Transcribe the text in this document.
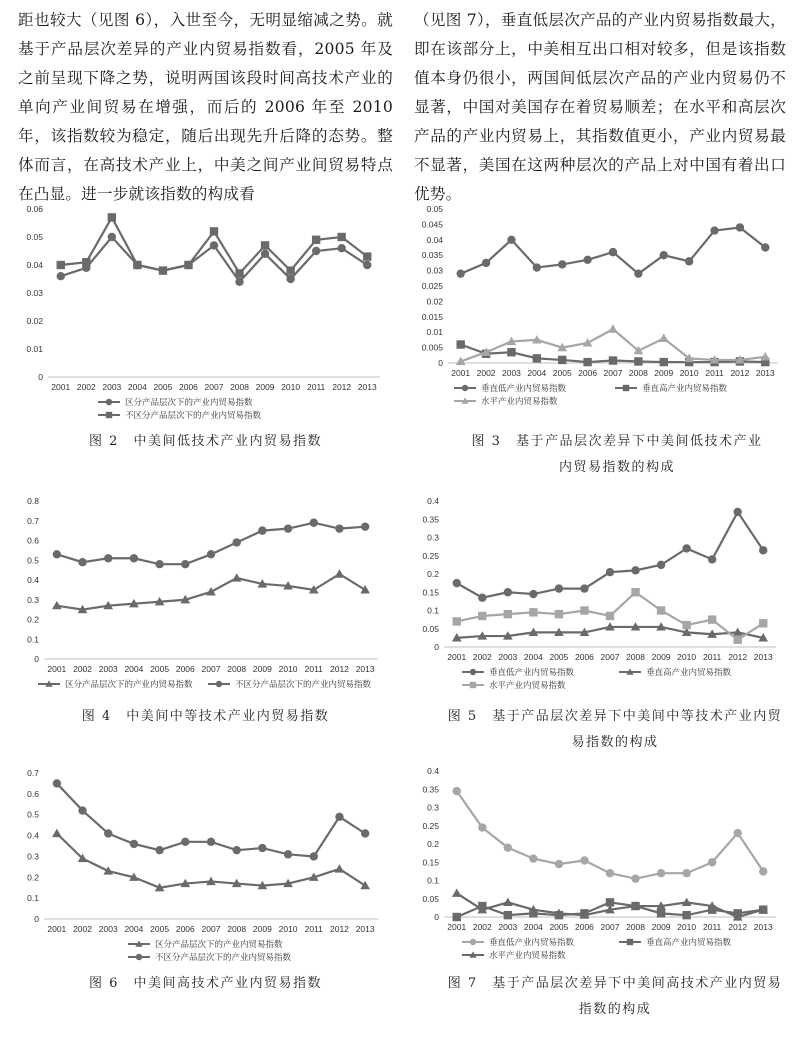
距也较大（见图 6），入世至今，无明显缩减之势。就基于产品层次差异的产业内贸易指数看，2005 年及之前呈现下降之势，说明两国该段时间高技术产业的单向产业间贸易在增强，而后的 2006 年至 2010 年，该指数较为稳定，随后出现先升后降的态势。整体而言，在高技术产业上，中美之间产业间贸易特点在凸显。进一步就该指数的构成看

（见图 7），垂直低层次产品的产业内贸易指数最大，即在该部分上，中美相互出口相对较多，但是该指数值本身仍很小，两国间低层次产品的产业内贸易仍不显著，中国对美国存在着贸易顺差；在水平和高层次产品的产业内贸易上，其指数值更小，产业内贸易最不显著，美国在这两种层次的产品上对中国有着出口优势。

0
0.01
0.02
0.03
0.04
0.05
0.06
2001 2002 2003 2004 2005 2006 2007 2008 2009 2010 2011 2012 2013
区分产品层次下的产业内贸易指数
不区分产品层次下的产业内贸易指数
图 2　中美间低技术产业内贸易指数
0
0.005
0.01
0.015
0.02
0.025
0.03
0.035
0.04
0.045
0.05
2001 2002 2003 2004 2005 2006 2007 2008 2009 2010 2011 2012 2013
垂直低产业内贸易指数	垂直高产业内贸易指数
水平产业内贸易指数
图 3　基于产品层次差异下中美间低技术产业内贸易指数的构成
0
0.1
0.2
0.3
0.4
0.5
0.6
0.7
0.8
2001 2002 2003 2004 2005 2006 2007 2008 2009 2010 2011 2012 2013
区分产品层次下的产业内贸易指数	不区分产品层次下的产业内贸易指数
图 4　中美间中等技术产业内贸易指数
0
0.05
0.1
0.15
0.2
0.25
0.3
0.35
0.4
2001 2002 2003 2004 2005 2006 2007 2008 2009 2010 2011 2012 2013
垂直低产业内贸易指数	垂直高产业内贸易指数
水平产业内贸易指数
图 5　基于产品层次差异下中美间中等技术产业内贸易指数的构成
0
0.1
0.2
0.3
0.4
0.5
0.6
0.7
2001 2002 2003 2004 2005 2006 2007 2008 2009 2010 2011 2012 2013
区分产品层次下的产业内贸易指数
不区分产品层次下的产业内贸易指数
图 6　中美间高技术产业内贸易指数
0
0.05
0.1
0.15
0.2
0.25
0.3
0.35
0.4
2001 2002 2003 2004 2005 2006 2007 2008 2009 2010 2011 2012 2013
垂直低产业内贸易指数	垂直高产业内贸易指数
水平产业内贸易指数
图 7　基于产品层次差异下中美间高技术产业内贸易指数的构成
